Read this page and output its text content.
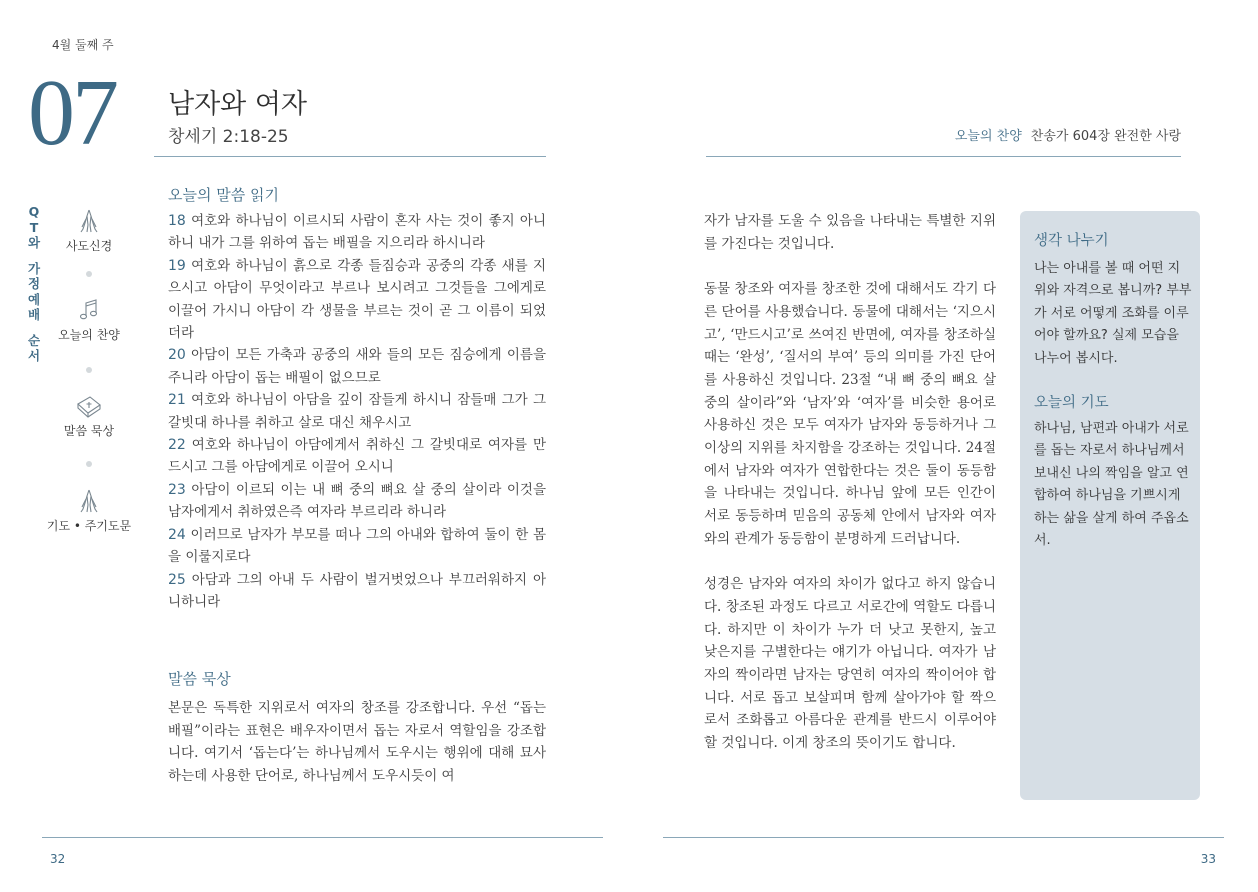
4월 둘째 주
07 남자와 여자
창세기 2:18-25	오늘의 찬양 찬송가 604장 완전한 사랑
Q
T
와
가
정
예
배
순
서
사도신경
오늘의 찬양
말씀 묵상
기도 • 주기도문
오늘의 말씀 읽기

18 여호와 하나님이 이르시되 사람이 혼자 사는 것이 좋지 아니하니 내가 그를 위하여 돕는 배필을 지으리라 하시니라

19 여호와 하나님이 흙으로 각종 들짐승과 공중의 각종 새를 지으시고 아담이 무엇이라고 부르나 보시려고 그것들을 그에게로 이끌어 가시니 아담이 각 생물을 부르는 것이 곧 그 이름이 되었더라

20 아담이 모든 가축과 공중의 새와 들의 모든 짐승에게 이름을 주니라 아담이 돕는 배필이 없으므로

21 여호와 하나님이 아담을 깊이 잠들게 하시니 잠들매 그가 그 갈빗대 하나를 취하고 살로 대신 채우시고

22 여호와 하나님이 아담에게서 취하신 그 갈빗대로 여자를 만드시고 그를 아담에게로 이끌어 오시니

23 아담이 이르되 이는 내 뼈 중의 뼈요 살 중의 살이라 이것을 남자에게서 취하였은즉 여자라 부르리라 하니라

24 이러므로 남자가 부모를 떠나 그의 아내와 합하여 둘이 한 몸을 이룰지로다

25 아담과 그의 아내 두 사람이 벌거벗었으나 부끄러워하지 아니하니라

말씀 묵상
본문은 독특한 지위로서 여자의 창조를 강조합니다. 우선 “돕는 배필”이라는 표현은 배우자이면서 돕는 자로서 역할임을 강조합니다. 여기서 ‘돕는다’는 하나님께서 도우시는 행위에 대해 묘사하는데 사용한 단어로, 하나님께서 도우시듯이 여

자가 남자를 도울 수 있음을 나타내는 특별한 지위를 가진다는 것입니다.

동물 창조와 여자를 창조한 것에 대해서도 각기 다른 단어를 사용했습니다. 동물에 대해서는 ‘지으시고’, ‘만드시고’로 쓰여진 반면에, 여자를 창조하실 때는 ‘완성’, ‘질서의 부여’ 등의 의미를 가진 단어를 사용하신 것입니다. 23절 “내 뼈 중의 뼈요 살 중의 살이라”와 ‘남자’와 ‘여자’를 비슷한 용어로 사용하신 것은 모두 여자가 남자와 동등하거나 그 이상의 지위를 차지함을 강조하는 것입니다. 24절에서 남자와 여자가 연합한다는 것은 둘이 동등함을 나타내는 것입니다. 하나님 앞에 모든 인간이 서로 동등하며 믿음의 공동체 안에서 남자와 여자와의 관계가 동등함이 분명하게 드러납니다.

성경은 남자와 여자의 차이가 없다고 하지 않습니다. 창조된 과정도 다르고 서로간에 역할도 다릅니다. 하지만 이 차이가 누가 더 낫고 못한지, 높고 낮은지를 구별한다는 얘기가 아닙니다. 여자가 남자의 짝이라면 남자는 당연히 여자의 짝이어야 합니다. 서로 돕고 보살피며 함께 살아가야 할 짝으로서 조화롭고 아름다운 관계를 반드시 이루어야 할 것입니다. 이게 창조의 뜻이기도 합니다.

생각 나누기
나는 아내를 볼 때 어떤 지위와 자격으로 봅니까? 부부가 서로 어떻게 조화를 이루어야 할까요? 실제 모습을 나누어 봅시다.
오늘의 기도
하나님, 남편과 아내가 서로를 돕는 자로서 하나님께서 보내신 나의 짝임을 알고 연합하여 하나님을 기쁘시게 하는 삶을 살게 하여 주옵소서.
32	33
